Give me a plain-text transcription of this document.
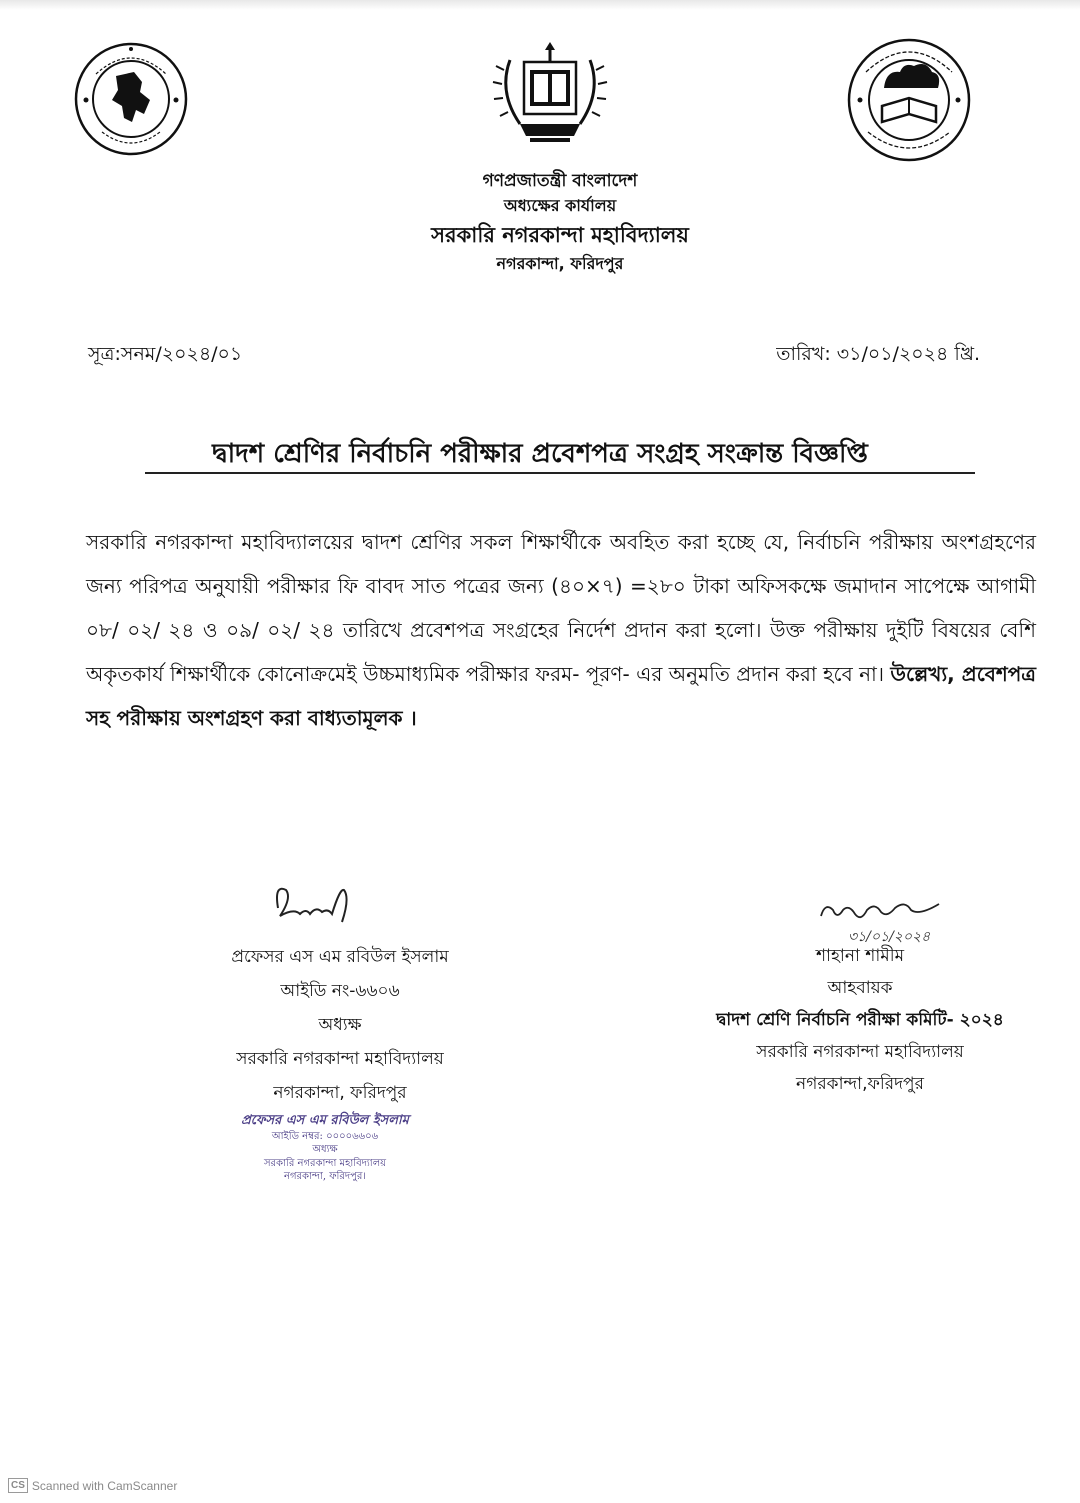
গণপ্রজাতন্ত্রী বাংলাদেশ

অধ্যক্ষের কার্যালয়

সরকারি নগরকান্দা মহাবিদ্যালয়

নগরকান্দা, ফরিদপুর

সূত্র:সনম/২০২৪/০১	তারিখ: ৩১/০১/২০২৪ খ্রি.
দ্বাদশ শ্রেণির নির্বাচনি পরীক্ষার প্রবেশপত্র সংগ্রহ সংক্রান্ত বিজ্ঞপ্তি
সরকারি নগরকান্দা মহাবিদ্যালয়ের দ্বাদশ শ্রেণির সকল শিক্ষার্থীকে অবহিত করা হচ্ছে যে, নির্বাচনি পরীক্ষায় অংশগ্রহণের জন্য পরিপত্র অনুযায়ী পরীক্ষার ফি বাবদ সাত পত্রের জন্য (৪০×৭) =২৮০ টাকা অফিসকক্ষে জমাদান সাপেক্ষে আগামী ০৮/ ০২/ ২৪ ও ০৯/ ০২/ ২৪ তারিখে প্রবেশপত্র সংগ্রহের নির্দেশ প্রদান করা হলো। উক্ত পরীক্ষায় দুইটি বিষয়ের বেশি অকৃতকার্য শিক্ষার্থীকে কোনোক্রমেই উচ্চমাধ্যমিক পরীক্ষার ফরম- পূরণ- এর অনুমতি প্রদান করা হবে না। উল্লেখ্য, প্রবেশপত্র সহ পরীক্ষায় অংশগ্রহণ করা বাধ্যতামূলক ।

প্রফেসর এস এম রবিউল ইসলাম

আইডি নং-৬৬০৬

অধ্যক্ষ

সরকারি নগরকান্দা মহাবিদ্যালয়

নগরকান্দা, ফরিদপুর

প্রফেসর এস এম রবিউল ইসলাম

আইডি নম্বর: ০০০০৬৬০৬

অধ্যক্ষ

সরকারি নগরকান্দা মহাবিদ্যালয়

নগরকান্দা, ফরিদপুর।

৩১/০১/২০২৪

শাহানা শামীম

আহবায়ক

দ্বাদশ শ্রেণি নির্বাচনি পরীক্ষা কমিটি- ২০২৪

সরকারি নগরকান্দা মহাবিদ্যালয়

নগরকান্দা,ফরিদপুর

CS Scanned with CamScanner
